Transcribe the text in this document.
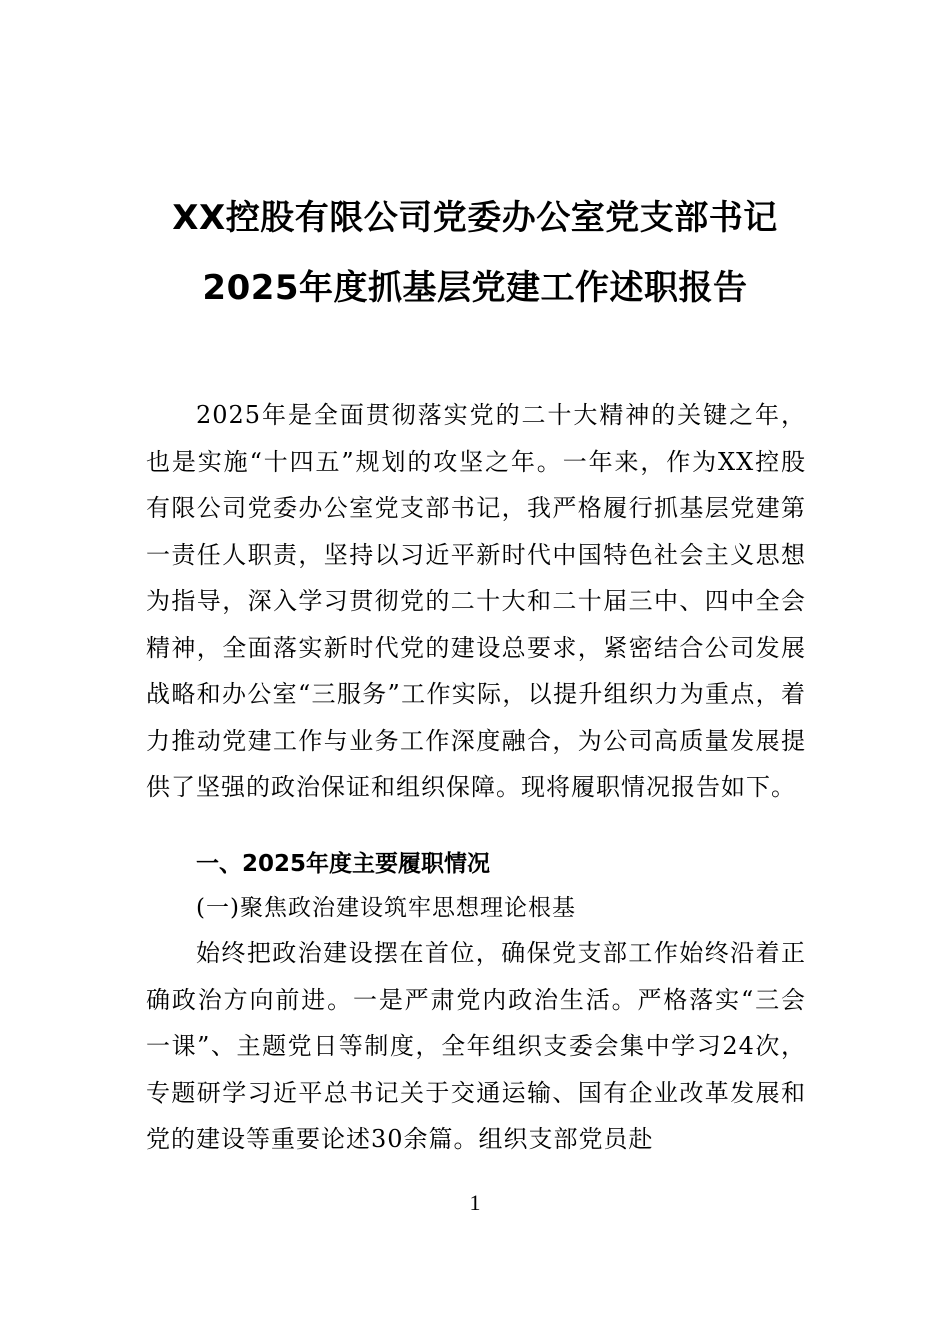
XX控股有限公司党委办公室党支部书记
2025年度抓基层党建工作述职报告
2025年是全面贯彻落实党的二十大精神的关键之年，也是实施“十四五”规划的攻坚之年。一年来，作为XX控股有限公司党委办公室党支部书记，我严格履行抓基层党建第一责任人职责，坚持以习近平新时代中国特色社会主义思想为指导，深入学习贯彻党的二十大和二十届三中、四中全会精神，全面落实新时代党的建设总要求，紧密结合公司发展战略和办公室“三服务”工作实际，以提升组织力为重点，着力推动党建工作与业务工作深度融合，为公司高质量发展提供了坚强的政治保证和组织保障。现将履职情况报告如下。
一、2025年度主要履职情况
(一)聚焦政治建设筑牢思想理论根基
始终把政治建设摆在首位，确保党支部工作始终沿着正确政治方向前进。一是严肃党内政治生活。严格落实“三会一课”、主题党日等制度，全年组织支委会集中学习24次，专题研学习近平总书记关于交通运输、国有企业改革发展和党的建设等重要论述30余篇。组织支部党员赴
1
